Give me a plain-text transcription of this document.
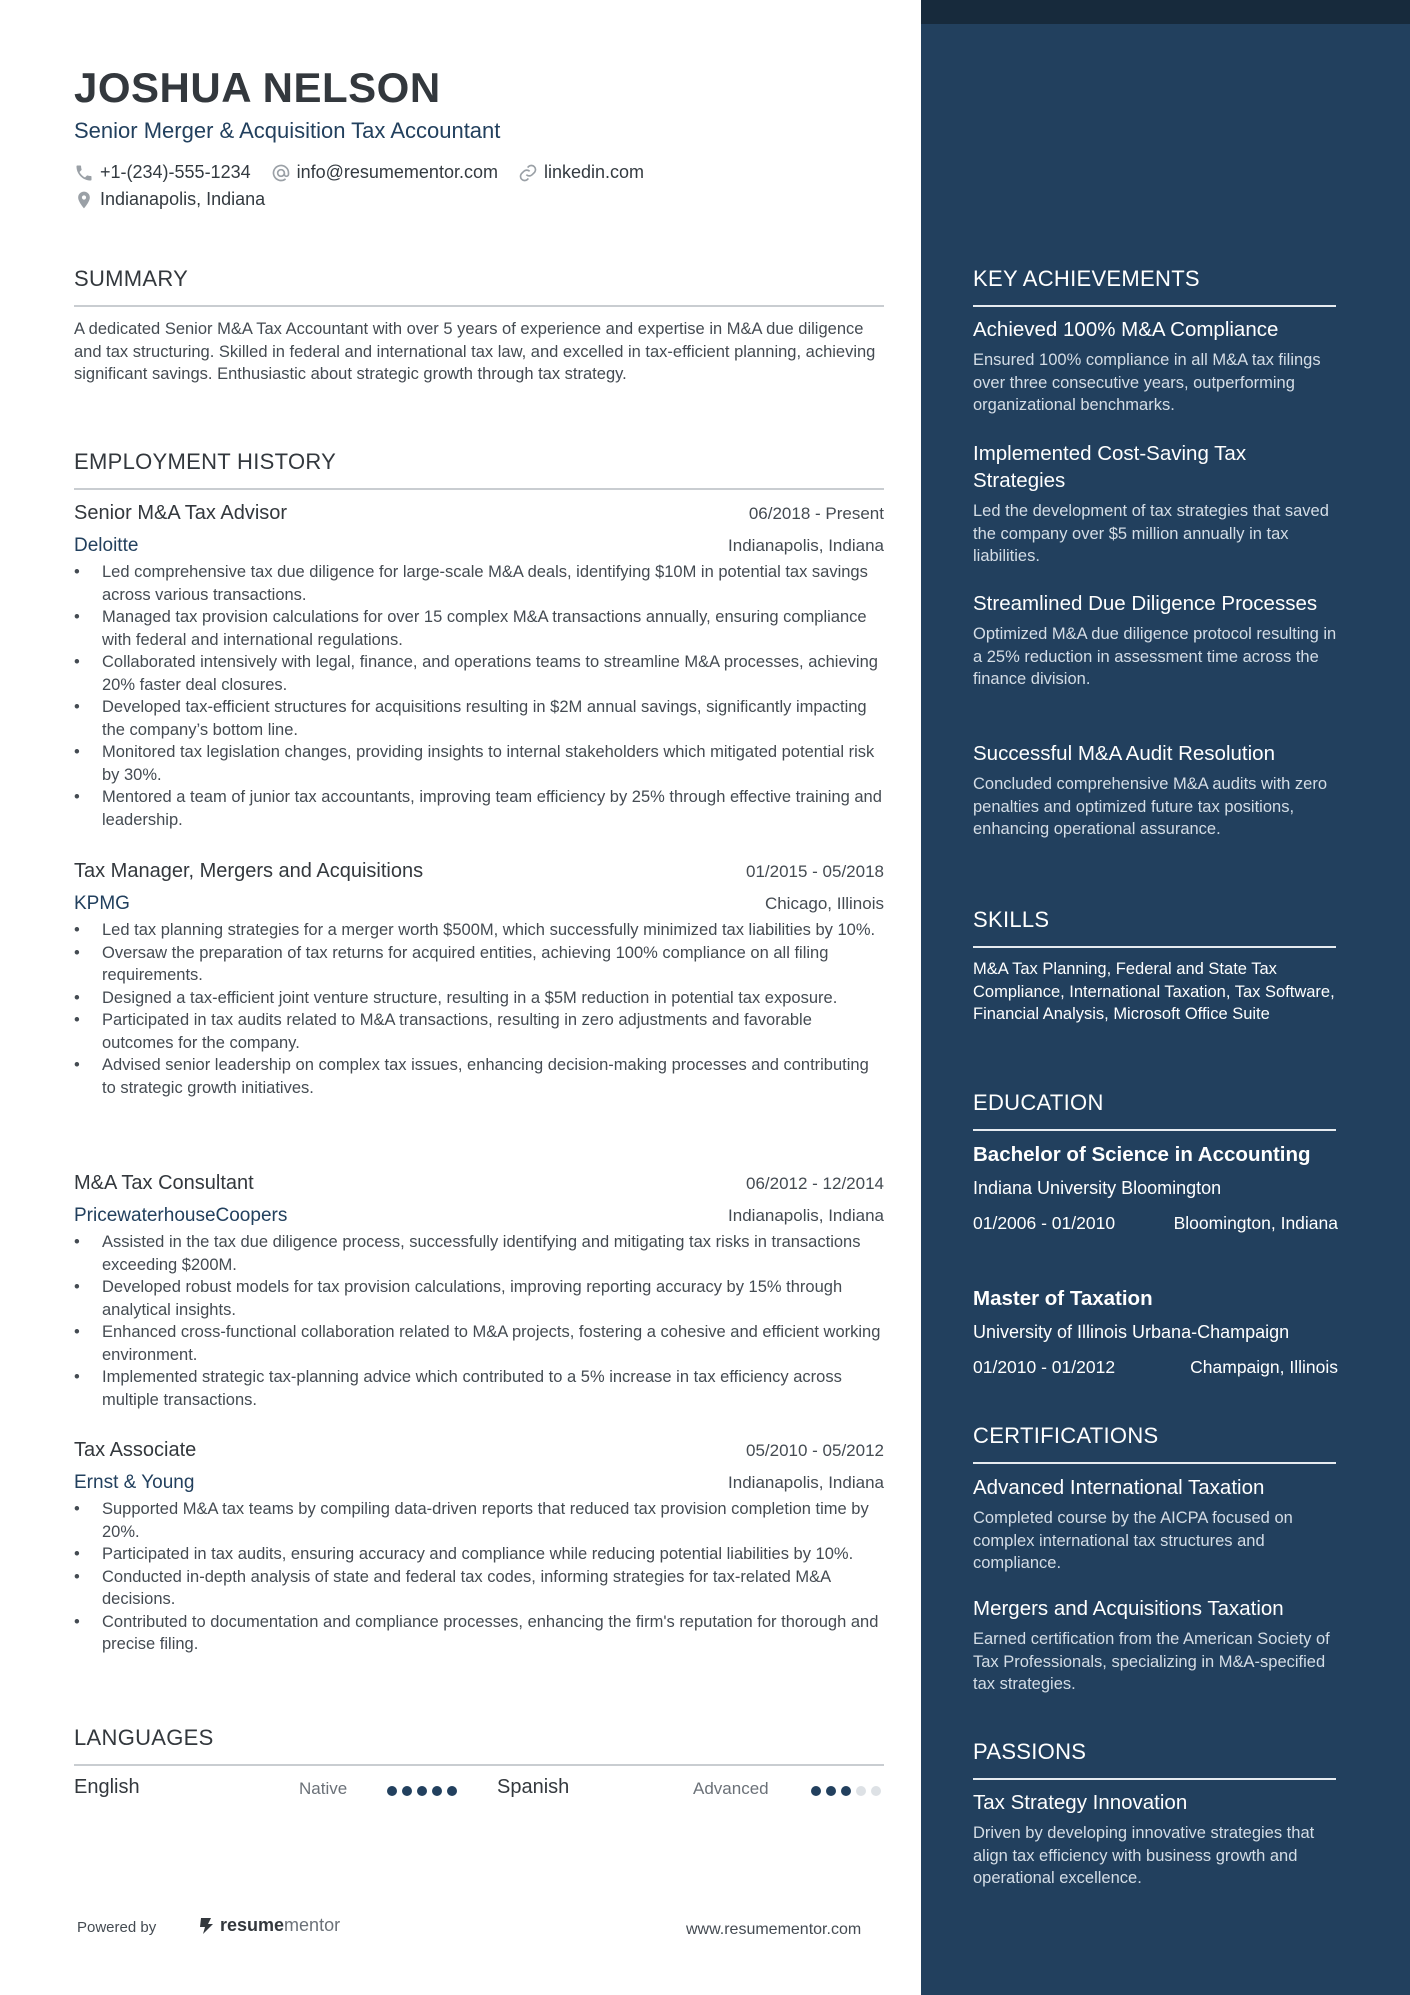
JOSHUA NELSON
Senior Merger & Acquisition Tax Accountant
+1-(234)-555-1234	info@resumementor.com	linkedin.com
Indianapolis, Indiana
SUMMARY
A dedicated Senior M&A Tax Accountant with over 5 years of experience and expertise in M&A due diligence and tax structuring. Skilled in federal and international tax law, and excelled in tax-efficient planning, achieving significant savings. Enthusiastic about strategic growth through tax strategy.
EMPLOYMENT HISTORY
Senior M&A Tax Advisor	06/2018 - Present
Deloitte	Indianapolis, Indiana
• Led comprehensive tax due diligence for large-scale M&A deals, identifying $10M in potential tax savings across various transactions.
• Managed tax provision calculations for over 15 complex M&A transactions annually, ensuring compliance with federal and international regulations.
• Collaborated intensively with legal, finance, and operations teams to streamline M&A processes, achieving 20% faster deal closures.
• Developed tax-efficient structures for acquisitions resulting in $2M annual savings, significantly impacting the company’s bottom line.
• Monitored tax legislation changes, providing insights to internal stakeholders which mitigated potential risk by 30%.
• Mentored a team of junior tax accountants, improving team efficiency by 25% through effective training and leadership.
Tax Manager, Mergers and Acquisitions	01/2015 - 05/2018
KPMG	Chicago, Illinois
• Led tax planning strategies for a merger worth $500M, which successfully minimized tax liabilities by 10%.
• Oversaw the preparation of tax returns for acquired entities, achieving 100% compliance on all filing requirements.
• Designed a tax-efficient joint venture structure, resulting in a $5M reduction in potential tax exposure.
• Participated in tax audits related to M&A transactions, resulting in zero adjustments and favorable outcomes for the company.
• Advised senior leadership on complex tax issues, enhancing decision-making processes and contributing to strategic growth initiatives.
M&A Tax Consultant	06/2012 - 12/2014
PricewaterhouseCoopers	Indianapolis, Indiana
• Assisted in the tax due diligence process, successfully identifying and mitigating tax risks in transactions exceeding $200M.
• Developed robust models for tax provision calculations, improving reporting accuracy by 15% through analytical insights.
• Enhanced cross-functional collaboration related to M&A projects, fostering a cohesive and efficient working environment.
• Implemented strategic tax-planning advice which contributed to a 5% increase in tax efficiency across multiple transactions.
Tax Associate	05/2010 - 05/2012
Ernst & Young	Indianapolis, Indiana
• Supported M&A tax teams by compiling data-driven reports that reduced tax provision completion time by 20%.
• Participated in tax audits, ensuring accuracy and compliance while reducing potential liabilities by 10%.
• Conducted in-depth analysis of state and federal tax codes, informing strategies for tax-related M&A decisions.
• Contributed to documentation and compliance processes, enhancing the firm's reputation for thorough and precise filing.
LANGUAGES
English	Native	Spanish	Advanced
Powered by	resume mentor	www.resumementor.com
KEY ACHIEVEMENTS
Achieved 100% M&A Compliance
Ensured 100% compliance in all M&A tax filings over three consecutive years, outperforming organizational benchmarks.
Implemented Cost-Saving Tax Strategies
Led the development of tax strategies that saved the company over $5 million annually in tax liabilities.
Streamlined Due Diligence Processes
Optimized M&A due diligence protocol resulting in a 25% reduction in assessment time across the finance division.
Successful M&A Audit Resolution
Concluded comprehensive M&A audits with zero penalties and optimized future tax positions, enhancing operational assurance.
SKILLS
M&A Tax Planning, Federal and State Tax Compliance, International Taxation, Tax Software, Financial Analysis, Microsoft Office Suite
EDUCATION
Bachelor of Science in Accounting
Indiana University Bloomington
01/2006 - 01/2010	Bloomington, Indiana
Master of Taxation
University of Illinois Urbana-Champaign
01/2010 - 01/2012	Champaign, Illinois
CERTIFICATIONS
Advanced International Taxation
Completed course by the AICPA focused on complex international tax structures and compliance.
Mergers and Acquisitions Taxation
Earned certification from the American Society of Tax Professionals, specializing in M&A-specified tax strategies.
PASSIONS
Tax Strategy Innovation
Driven by developing innovative strategies that align tax efficiency with business growth and operational excellence.
